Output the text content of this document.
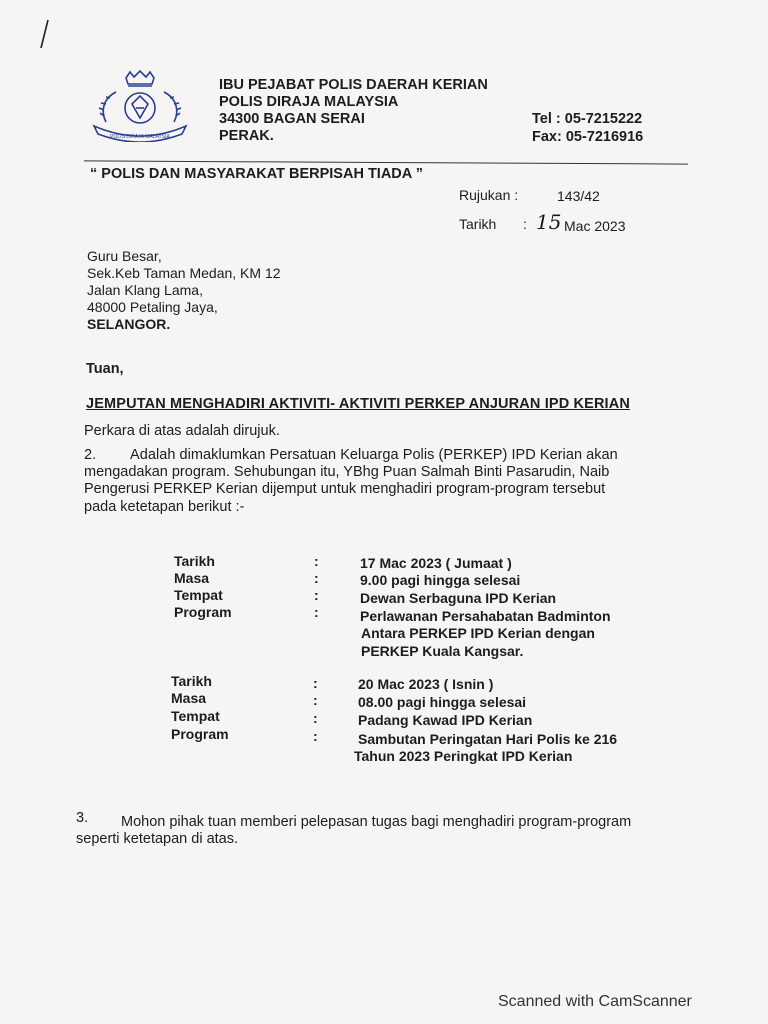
POLIS DIRAJA MALAYSIA
IBU PEJABAT POLIS DAERAH KERIAN
POLIS DIRAJA MALAYSIA
34300 BAGAN SERAI
PERAK.
Tel : 05-7215222
Fax: 05-7216916
“ POLIS DAN MASYARAKAT BERPISAH TIADA ”
Rujukan :	143/42
Tarikh : 15 Mac 2023
Guru Besar,
Sek.Keb Taman Medan, KM 12
Jalan Klang Lama,
48000 Petaling Jaya,
SELANGOR.
Tuan,
JEMPUTAN MENGHADIRI AKTIVITI- AKTIVITI PERKEP ANJURAN IPD KERIAN
Perkara di atas adalah dirujuk.
2. Adalah dimaklumkan Persatuan Keluarga Polis (PERKEP) IPD Kerian akan
mengadakan program. Sehubungan itu, YBhg Puan Salmah Binti Pasarudin, Naib
Pengerusi PERKEP Kerian dijemput untuk menghadiri program-program tersebut
pada ketetapan berikut :-
Tarikh	:	17 Mac 2023 ( Jumaat )
Masa	:	9.00 pagi hingga selesai
Tempat	:	Dewan Serbaguna IPD Kerian
Program	:	Perlawanan Persahabatan Badminton
Antara PERKEP IPD Kerian dengan
PERKEP Kuala Kangsar.
Tarikh	:	20 Mac 2023 ( Isnin )
Masa	:	08.00 pagi hingga selesai
Tempat	:	Padang Kawad IPD Kerian
Program	:	Sambutan Peringatan Hari Polis ke 216
Tahun 2023 Peringkat IPD Kerian
3. Mohon pihak tuan memberi pelepasan tugas bagi menghadiri program-program
seperti ketetapan di atas.
Scanned with CamScanner
